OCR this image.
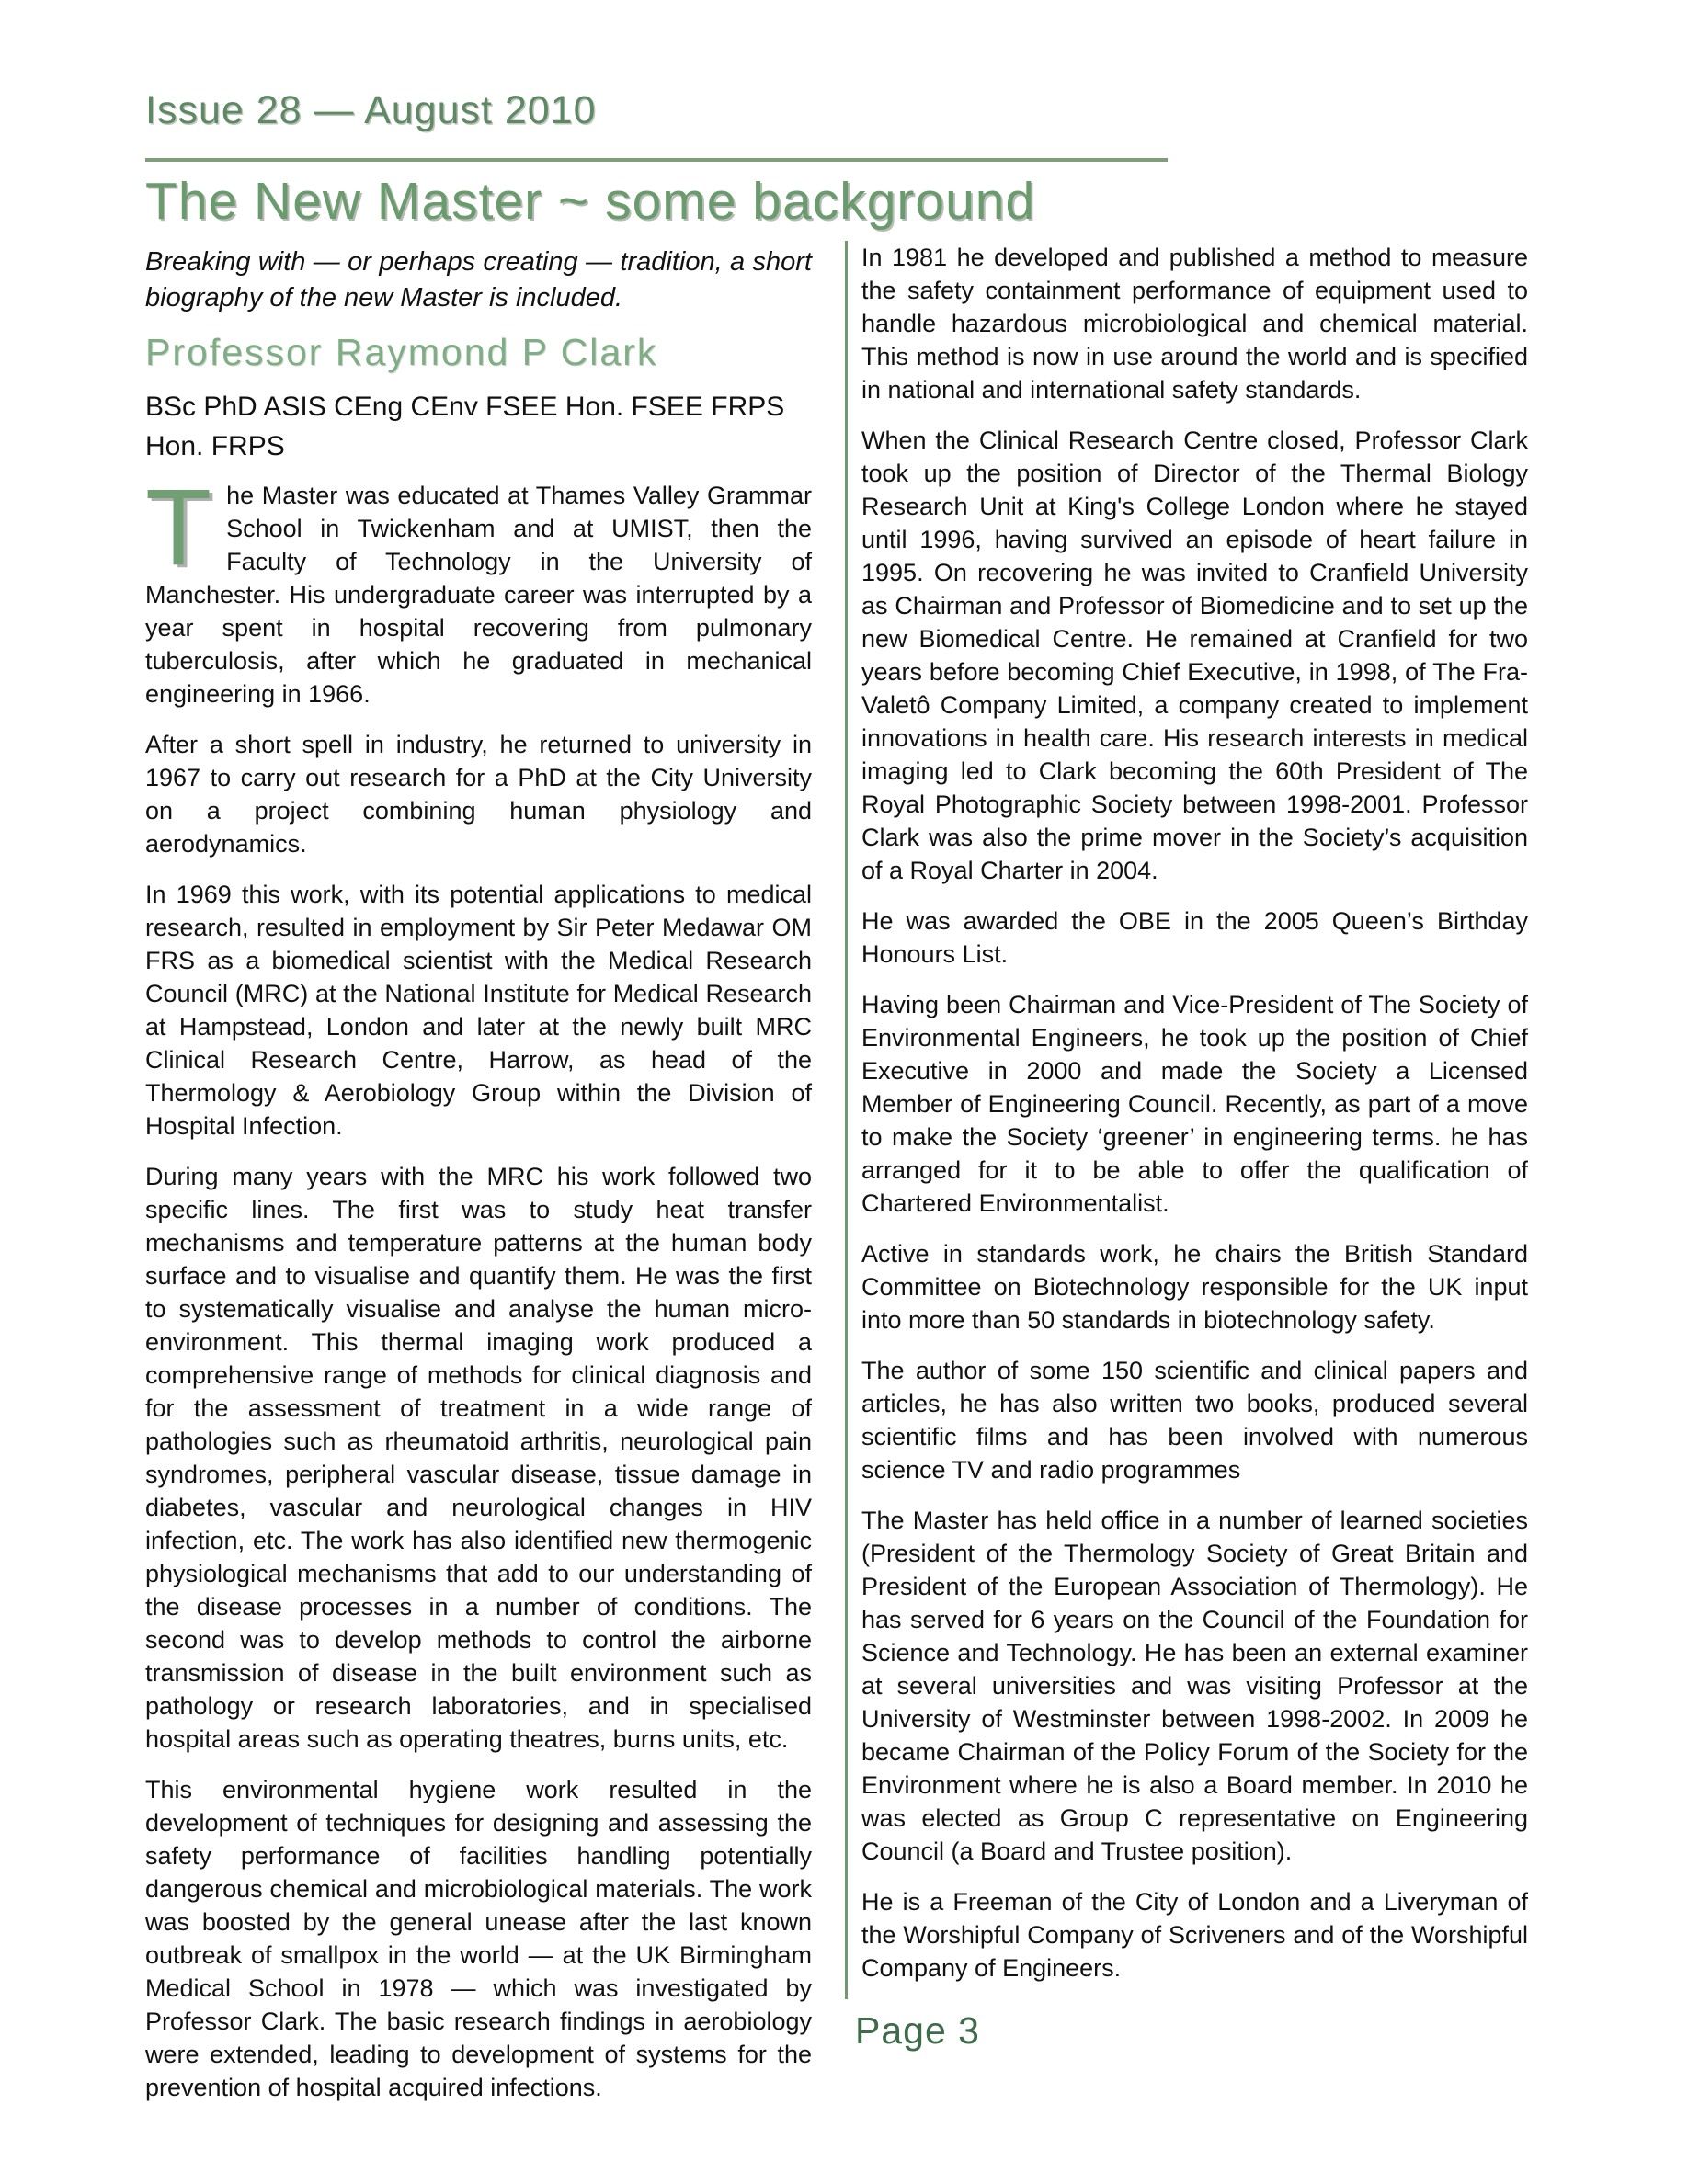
Issue 28 — August 2010
The New Master ~ some background

Breaking with — or perhaps creating — tradition, a short biography of the new Master is included.

Professor Raymond P Clark

BSc PhD ASIS CEng CEnv FSEE Hon. FSEE FRPS
Hon. FRPS

The Master was educated at Thames Valley Grammar School in Twickenham and at UMIST, then the Faculty of Technology in the University of Manchester. His undergraduate career was interrupted by a year spent in hospital recovering from pulmonary tuberculosis, after which he graduated in mechanical engineering in 1966.

After a short spell in industry, he returned to university in 1967 to carry out research for a PhD at the City University on a project combining human physiology and aerodynamics.

In 1969 this work, with its potential applications to medical research, resulted in employment by Sir Peter Medawar OM FRS as a biomedical scientist with the Medical Research Council (MRC) at the National Institute for Medical Research at Hampstead, London and later at the newly built MRC Clinical Research Centre, Harrow, as head of the Thermology & Aerobiology Group within the Division of Hospital Infection.

During many years with the MRC his work followed two specific lines. The first was to study heat transfer mechanisms and temperature patterns at the human body surface and to visualise and quantify them. He was the first to systematically visualise and analyse the human micro-environment. This thermal imaging work produced a comprehensive range of methods for clinical diagnosis and for the assessment of treatment in a wide range of pathologies such as rheumatoid arthritis, neurological pain syndromes, peripheral vascular disease, tissue damage in diabetes, vascular and neurological changes in HIV infection, etc. The work has also identified new thermogenic physiological mechanisms that add to our understanding of the disease processes in a number of conditions. The second was to develop methods to control the airborne transmission of disease in the built environment such as pathology or research laboratories, and in specialised hospital areas such as operating theatres, burns units, etc.

This environmental hygiene work resulted in the development of techniques for designing and assessing the safety performance of facilities handling potentially dangerous chemical and microbiological materials. The work was boosted by the general unease after the last known outbreak of smallpox in the world — at the UK Birmingham Medical School in 1978 — which was investigated by Professor Clark. The basic research findings in aerobiology were extended, leading to development of systems for the prevention of hospital acquired infections.

In 1981 he developed and published a method to measure the safety containment performance of equipment used to handle hazardous microbiological and chemical material. This method is now in use around the world and is specified in national and international safety standards.

When the Clinical Research Centre closed, Professor Clark took up the position of Director of the Thermal Biology Research Unit at King's College London where he stayed until 1996, having survived an episode of heart failure in 1995. On recovering he was invited to Cranfield University as Chairman and Professor of Biomedicine and to set up the new Biomedical Centre. He remained at Cranfield for two years before becoming Chief Executive, in 1998, of The Fra-Valetô Company Limited, a company created to implement innovations in health care. His research interests in medical imaging led to Clark becoming the 60th President of The Royal Photographic Society between 1998-2001. Professor Clark was also the prime mover in the Society’s acquisition of a Royal Charter in 2004.

He was awarded the OBE in the 2005 Queen’s Birthday Honours List.

Having been Chairman and Vice-President of The Society of Environmental Engineers, he took up the position of Chief Executive in 2000 and made the Society a Licensed Member of Engineering Council. Recently, as part of a move to make the Society ‘greener’ in engineering terms. he has arranged for it to be able to offer the qualification of Chartered Environmentalist.

Active in standards work, he chairs the British Standard Committee on Biotechnology responsible for the UK input into more than 50 standards in biotechnology safety.

The author of some 150 scientific and clinical papers and articles, he has also written two books, produced several scientific films and has been involved with numerous science TV and radio programmes

The Master has held office in a number of learned societies (President of the Thermology Society of Great Britain and President of the European Association of Thermology). He has served for 6 years on the Council of the Foundation for Science and Technology. He has been an external examiner at several universities and was visiting Professor at the University of Westminster between 1998-2002. In 2009 he became Chairman of the Policy Forum of the Society for the Environment where he is also a Board member. In 2010 he was elected as Group C representative on Engineering Council (a Board and Trustee position).

He is a Freeman of the City of London and a Liveryman of the Worshipful Company of Scriveners and of the Worshipful Company of Engineers.

Page 3
